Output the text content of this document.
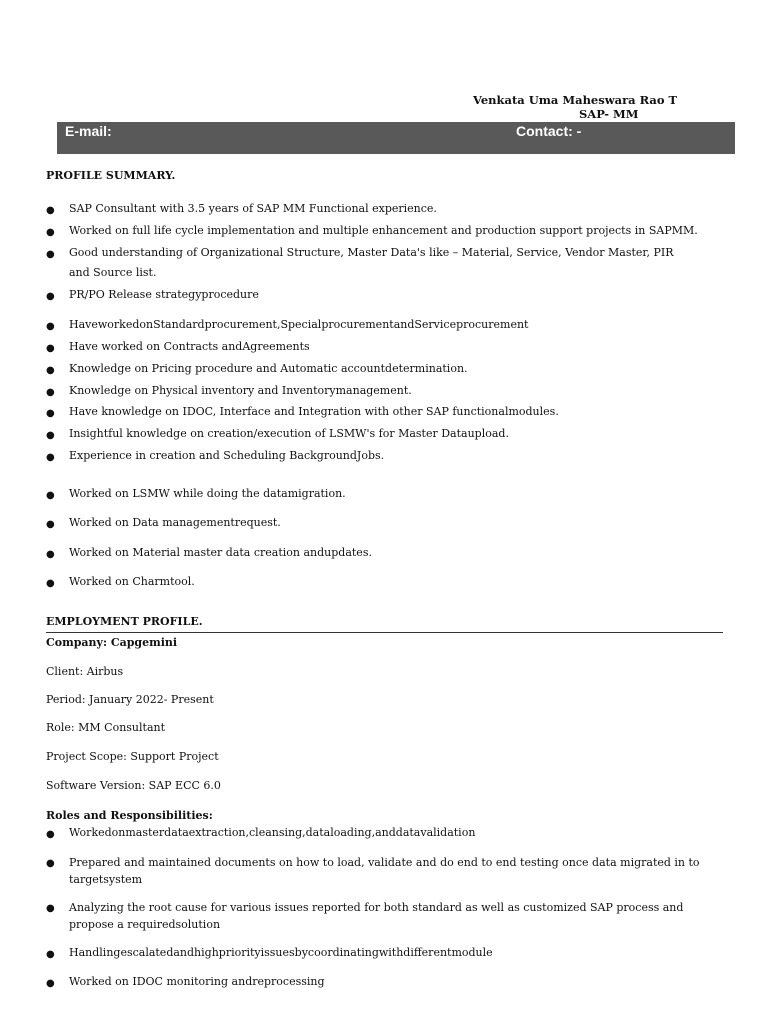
Venkata Uma Maheswara Rao T
SAP- MM
E-mail:	Contact: -
PROFILE SUMMARY.
● SAP Consultant with 3.5 years of SAP MM Functional experience.
● Worked on full life cycle implementation and multiple enhancement and production support projects in SAPMM.
● Good understanding of Organizational Structure, Master Data's like – Material, Service, Vendor Master, PIR and Source list.
● PR/PO Release strategyprocedure
● HaveworkedonStandardprocurement,SpecialprocurementandServiceprocurement
● Have worked on Contracts andAgreements
● Knowledge on Pricing procedure and Automatic accountdetermination.
● Knowledge on Physical inventory and Inventorymanagement.
● Have knowledge on IDOC, Interface and Integration with other SAP functionalmodules.
● Insightful knowledge on creation/execution of LSMW's for Master Dataupload.
● Experience in creation and Scheduling BackgroundJobs.
● Worked on LSMW while doing the datamigration.
● Worked on Data managementrequest.
● Worked on Material master data creation andupdates.
● Worked on Charmtool.
EMPLOYMENT PROFILE.
Company: Capgemini
Client: Airbus
Period: January 2022- Present
Role: MM Consultant
Project Scope: Support Project
Software Version: SAP ECC 6.0
Roles and Responsibilities:
● Workedonmasterdataextraction,cleansing,dataloading,anddatavalidation
● Prepared and maintained documents on how to load, validate and do end to end testing once data migrated in to targetsystem
● Analyzing the root cause for various issues reported for both standard as well as customized SAP process and propose a requiredsolution
● Handlingescalatedandhighpriorityissuesbycoordinatingwithdifferentmodule
● Worked on IDOC monitoring andreprocessing
